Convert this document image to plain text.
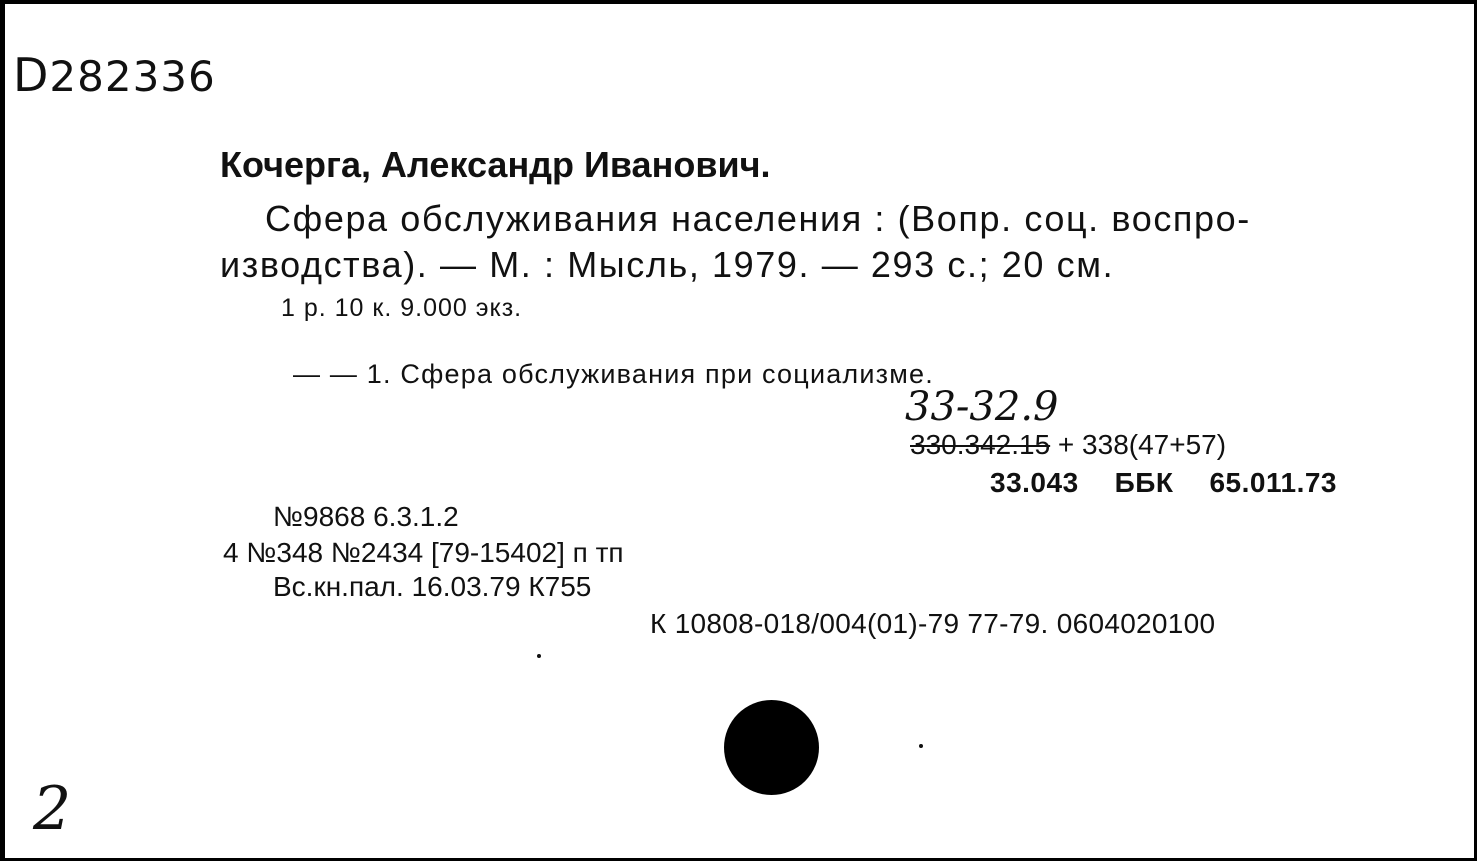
D282336
Кочерга, Александр Иванович.
Сфера обслуживания населения : (Вопр. соц. воспро-
изводства). — М. : Мысль, 1979. — 293 с.; 20 см.
1 р. 10 к. 9.000 экз.
— — 1. Сфера обслуживания при социализме.
33-32.9
330.342.15 + 338(47+57)
33.043 ББК 65.011.73
№9868 6.3.1.2
4 №348 №2434 [79-15402] п тп
Вс.кн.пал. 16.03.79 К755
К 10808-018/004(01)-79 77-79. 0604020100
2
